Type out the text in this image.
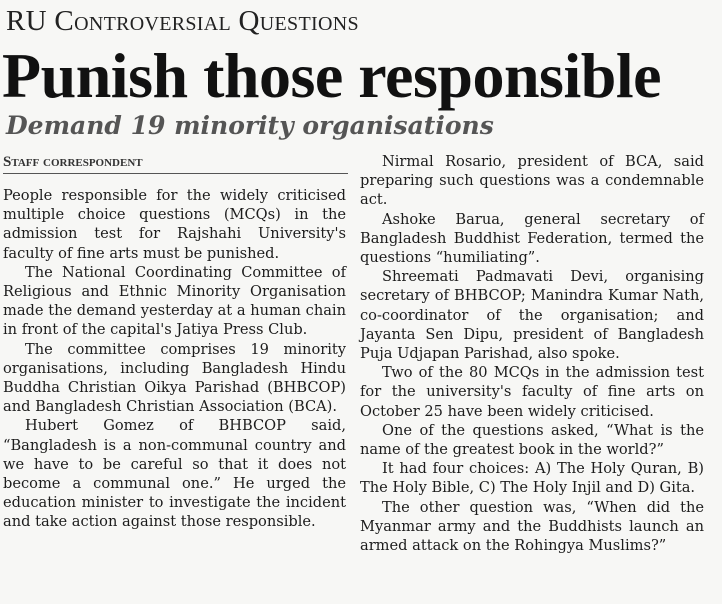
RU Controversial Questions
Punish those responsible
Demand 19 minority organisations
Staff correspondent

People responsible for the widely criticised multiple choice questions (MCQs) in the admission test for Rajshahi University's faculty of fine arts must be punished.

The National Coordinating Committee of Religious and Ethnic Minority Organisation made the demand yesterday at a human chain in front of the capital's Jatiya Press Club.

The committee comprises 19 minority organisations, including Bangladesh Hindu Buddha Christian Oikya Parishad (BHBCOP) and Bangladesh Christian Association (BCA).

Hubert Gomez of BHBCOP said, “Bangladesh is a non-communal country and we have to be careful so that it does not become a communal one.” He urged the education minister to investigate the incident and take action against those responsible.

Nirmal Rosario, president of BCA, said preparing such questions was a condemnable act.

Ashoke Barua, general secretary of Bangladesh Buddhist Federation, termed the questions “humiliating”.

Shreemati Padmavati Devi, organising secretary of BHBCOP; Manindra Kumar Nath, co-coordinator of the organisation; and Jayanta Sen Dipu, president of Bangladesh Puja Udjapan Parishad, also spoke.

Two of the 80 MCQs in the admission test for the university's faculty of fine arts on October 25 have been widely criticised.

One of the questions asked, “What is the name of the greatest book in the world?”

It had four choices: A) The Holy Quran, B) The Holy Bible, C) The Holy Injil and D) Gita.

The other question was, “When did the Myanmar army and the Buddhists launch an armed attack on the Rohingya Muslims?”
